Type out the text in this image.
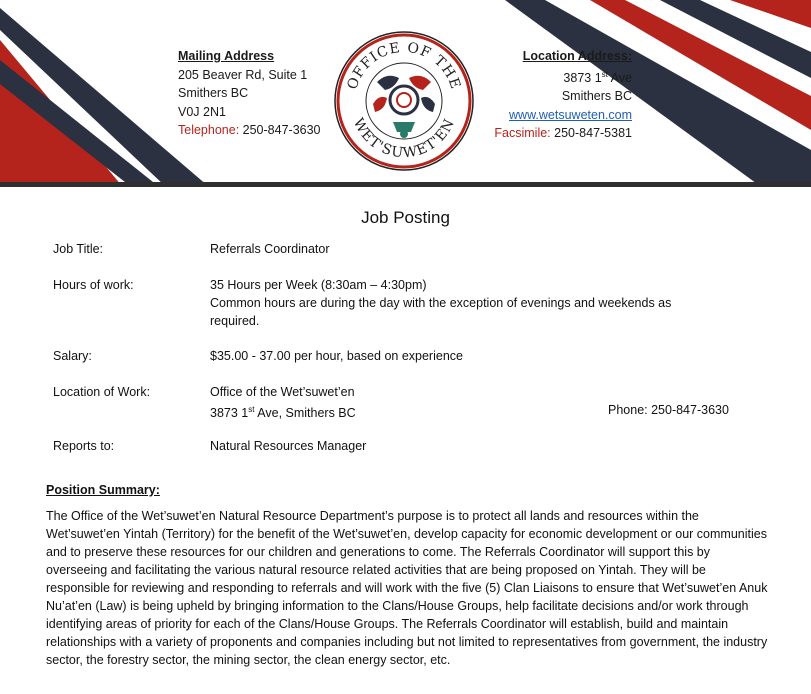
Mailing Address
205 Beaver Rd, Suite 1
Smithers BC
V0J 2N1
Telephone: 250-847-3630
OFFICE OF THE
WET'SUWET'EN
Location Address:
3873 1st Ave
Smithers BC
www.wetsuweten.com
Facsimile: 250-847-5381
Job Posting
Job Title:	Referrals Coordinator
Hours of work:	35 Hours per Week (8:30am – 4:30pm)
Common hours are during the day with the exception of evenings and weekends as required.
Salary:	$35.00 - 37.00 per hour, based on experience
Location of Work:	Office of the Wet’suwet’en
3873 1st Ave, Smithers BC	Phone: 250-847-3630
Reports to:	Natural Resources Manager
Position Summary:
The Office of the Wet’suwet’en Natural Resource Department’s purpose is to protect all lands and resources within the Wet’suwet’en Yintah (Territory) for the benefit of the Wet’suwet’en, develop capacity for economic development or our communities and to preserve these resources for our children and generations to come. The Referrals Coordinator will support this by overseeing and facilitating the various natural resource related activities that are being proposed on Yintah. They will be responsible for reviewing and responding to referrals and will work with the five (5) Clan Liaisons to ensure that Wet’suwet’en Anuk Nu’at’en (Law) is being upheld by bringing information to the Clans/House Groups, help facilitate decisions and/or work through identifying areas of priority for each of the Clans/House Groups. The Referrals Coordinator will establish, build and maintain relationships with a variety of proponents and companies including but not limited to representatives from government, the industry sector, the forestry sector, the mining sector, the clean energy sector, etc.
